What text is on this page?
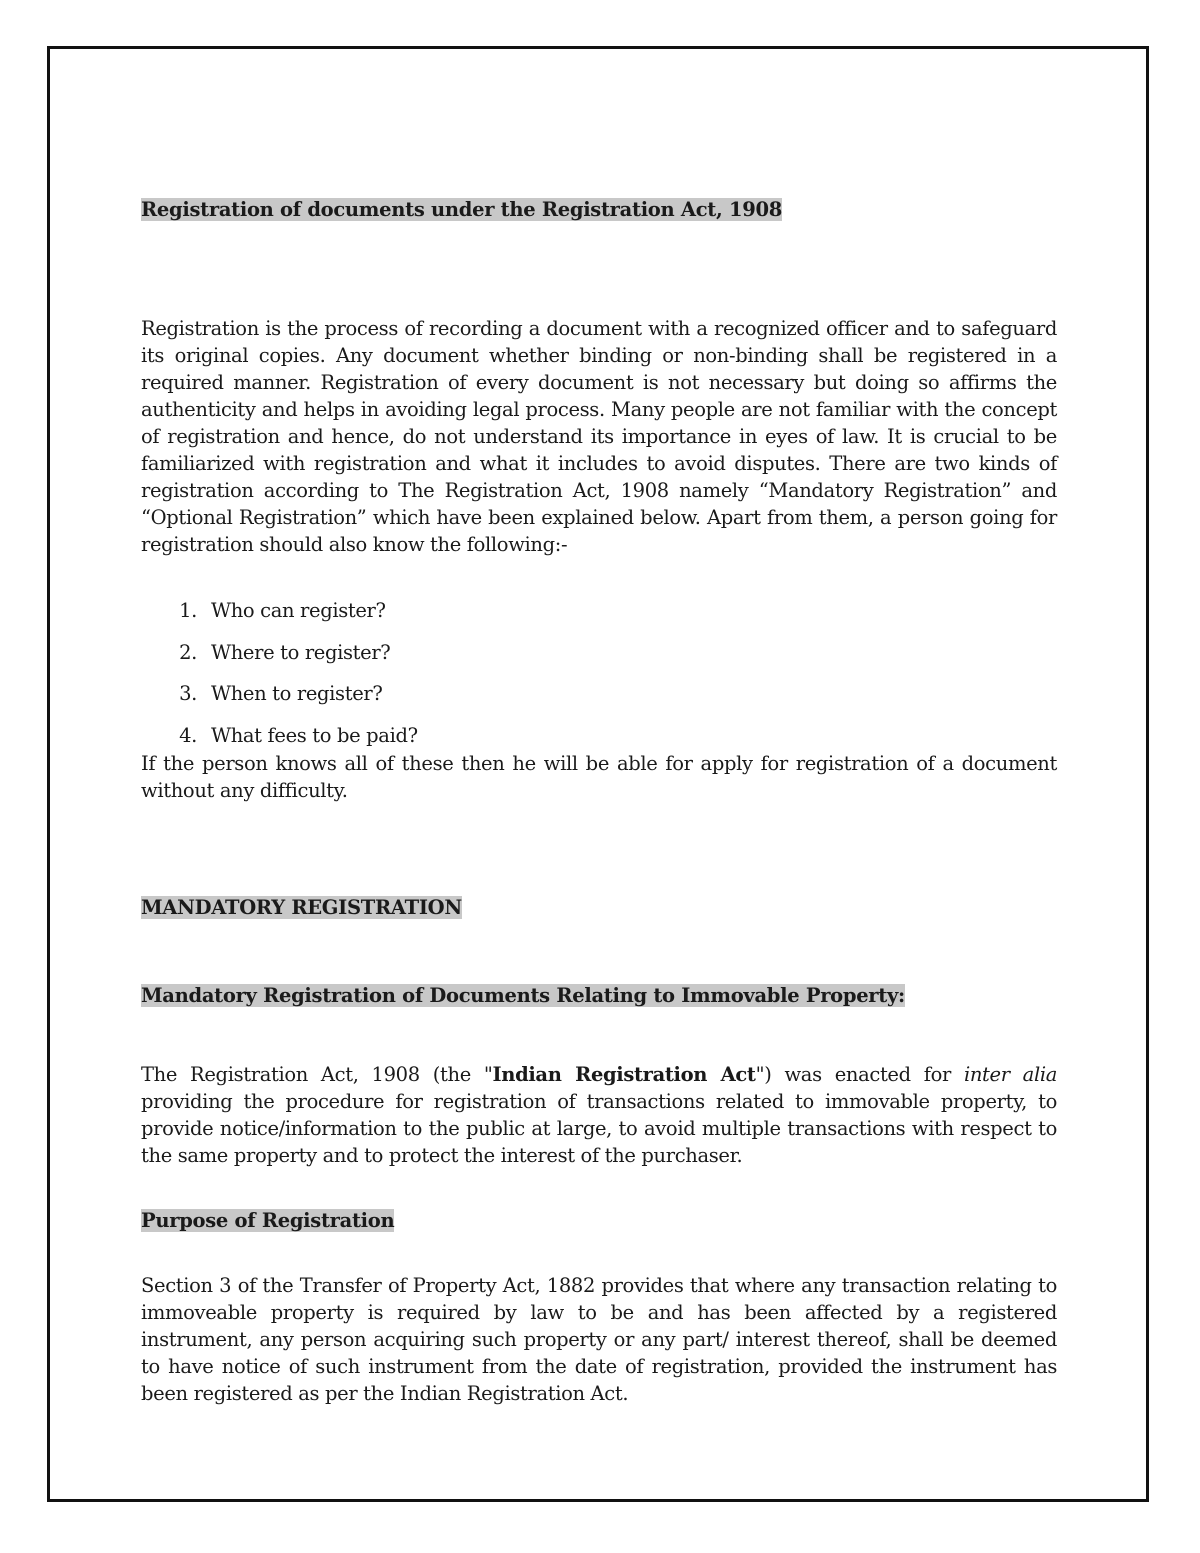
Registration of documents under the Registration Act, 1908

Registration is the process of recording a document with a recognized officer and to safeguard its original copies. Any document whether binding or non-binding shall be registered in a required manner. Registration of every document is not necessary but doing so affirms the authenticity and helps in avoiding legal process. Many people are not familiar with the concept of registration and hence, do not understand its importance in eyes of law. It is crucial to be familiarized with registration and what it includes to avoid disputes. There are two kinds of registration according to The Registration Act, 1908 namely “Mandatory Registration” and “Optional Registration” which have been explained below. Apart from them, a person going for registration should also know the following:-

1. Who can register?
2. Where to register?
3. When to register?
4. What fees to be paid?

If the person knows all of these then he will be able for apply for registration of a document without any difficulty.

MANDATORY REGISTRATION
Mandatory Registration of Documents Relating to Immovable Property:

The Registration Act, 1908 (the "Indian Registration Act") was enacted for inter alia providing the procedure for registration of transactions related to immovable property, to provide notice/information to the public at large, to avoid multiple transactions with respect to the same property and to protect the interest of the purchaser.

Purpose of Registration

Section 3 of the Transfer of Property Act, 1882 provides that where any transaction relating to immoveable property is required by law to be and has been affected by a registered instrument, any person acquiring such property or any part/ interest thereof, shall be deemed to have notice of such instrument from the date of registration, provided the instrument has been registered as per the Indian Registration Act.
